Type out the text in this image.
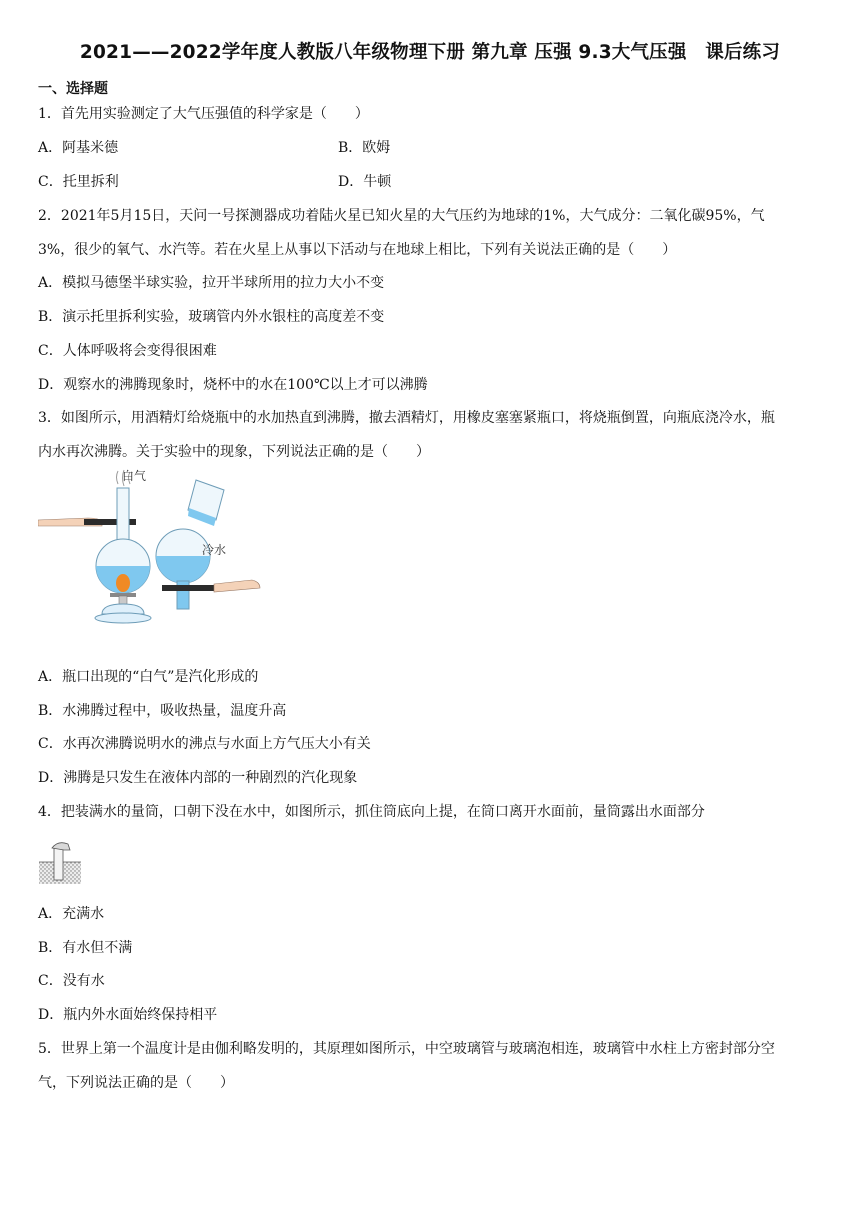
2021——2022学年度人教版八年级物理下册 第九章 压强 9.3大气压强　课后练习
一、选择题
1．首先用实验测定了大气压强值的科学家是（　　）
A．阿基米德	B．欧姆
C．托里拆利	D．牛顿
2．2021年5月15日，天问一号探测器成功着陆火星已知火星的大气压约为地球的1%，大气成分：二氧化碳95%，气
3%，很少的氧气、水汽等。若在火星上从事以下活动与在地球上相比，下列有关说法正确的是（　　）
A．模拟马德堡半球实验，拉开半球所用的拉力大小不变
B．演示托里拆利实验，玻璃管内外水银柱的高度差不变
C．人体呼吸将会变得很困难
D．观察水的沸腾现象时，烧杯中的水在100℃以上才可以沸腾
3．如图所示，用酒精灯给烧瓶中的水加热直到沸腾，撤去酒精灯，用橡皮塞塞紧瓶口，将烧瓶倒置，向瓶底浇冷水，瓶
内水再次沸腾。关于实验中的现象，下列说法正确的是（　　）
白气
冷水
A．瓶口出现的“白气”是汽化形成的
B．水沸腾过程中，吸收热量，温度升高
C．水再次沸腾说明水的沸点与水面上方气压大小有关
D．沸腾是只发生在液体内部的一种剧烈的汽化现象
4．把装满水的量筒，口朝下没在水中，如图所示，抓住筒底向上提，在筒口离开水面前，量筒露出水面部分
A．充满水
B．有水但不满
C．没有水
D．瓶内外水面始终保持相平
5．世界上第一个温度计是由伽利略发明的，其原理如图所示，中空玻璃管与玻璃泡相连，玻璃管中水柱上方密封部分空
气，下列说法正确的是（　　）
